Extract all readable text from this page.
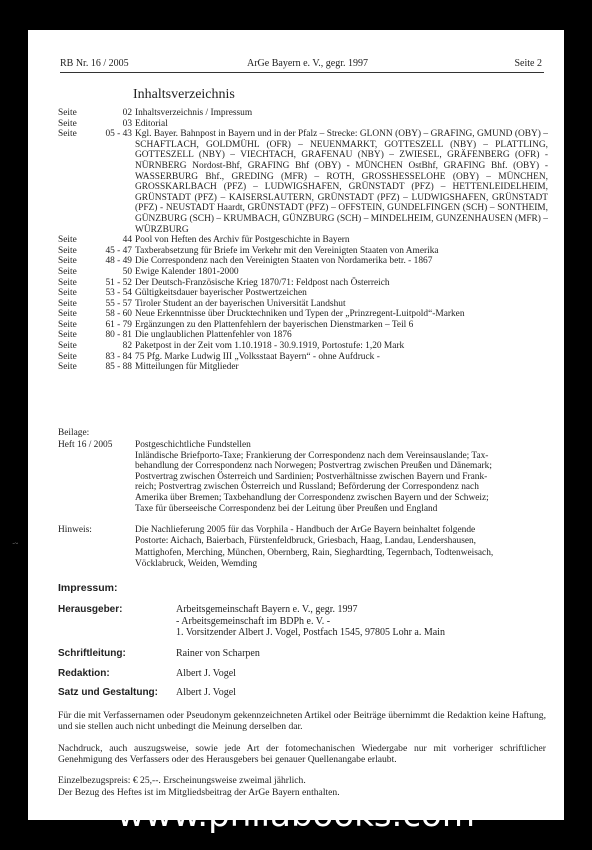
RB Nr. 16 / 2005	ArGe Bayern e. V., gegr. 1997	Seite 2
Inhaltsverzeichnis
Seite	02 Inhaltsverzeichnis / Impressum
Seite	03 Editorial
Seite	05 - 43 Kgl. Bayer. Bahnpost in Bayern und in der Pfalz – Strecke: GLONN (OBY) – GRAFING, GMUND (OBY) – SCHAFTLACH, GOLDMÜHL (OFR) – NEUENMARKT, GOTTESZELL (NBY) – PLATTLING, GOTTESZELL (NBY) – VIECHTACH, GRAFENAU (NBY) – ZWIESEL, GRÄFENBERG (OFR) - NÜRNBERG Nordost-Bhf, GRAFING Bhf (OBY) - MÜNCHEN OstBhf, GRAFING Bhf. (OBY) - WASSERBURG Bhf., GREDING (MFR) – ROTH, GROSSHESSELOHE (OBY) – MÜNCHEN, GROSSKARLBACH (PFZ) – LUDWIGSHAFEN, GRÜNSTADT (PFZ) – HETTENLEIDELHEIM, GRÜNSTADT (PFZ) – KAISERSLAUTERN, GRÜNSTADT (PFZ) – LUDWIGSHAFEN, GRÜNSTADT (PFZ) - NEUSTADT Haardt, GRÜNSTADT (PFZ) – OFFSTEIN, GUNDELFINGEN (SCH) – SONTHEIM, GÜNZBURG (SCH) – KRUMBACH, GÜNZBURG (SCH) – MINDELHEIM, GUNZENHAUSEN (MFR) – WÜRZBURG
Seite	44 Pool von Heften des Archiv für Postgeschichte in Bayern
Seite	45 - 47 Taxberabsetzung für Briefe im Verkehr mit den Vereinigten Staaten von Amerika
Seite	48 - 49 Die Correspondenz nach den Vereinigten Staaten von Nordamerika betr. - 1867
Seite	50 Ewige Kalender 1801-2000
Seite	51 - 52 Der Deutsch-Französische Krieg 1870/71: Feldpost nach Österreich
Seite	53 - 54 Gültigkeitsdauer bayerischer Postwertzeichen
Seite	55 - 57 Tiroler Student an der bayerischen Universität Landshut
Seite	58 - 60 Neue Erkenntnisse über Drucktechniken und Typen der „Prinzregent-Luitpold“-Marken
Seite	61 - 79 Ergänzungen zu den Plattenfehlern der bayerischen Dienstmarken – Teil 6
Seite	80 - 81 Die unglaublichen Plattenfehler von 1876
Seite	82 Paketpost in der Zeit vom 1.10.1918 - 30.9.1919, Portostufe: 1,20 Mark
Seite	83 - 84 75 Pfg. Marke Ludwig III „Volksstaat Bayern“ - ohne Aufdruck -
Seite	85 - 88 Mitteilungen für Mitglieder
Beilage:
Heft 16 / 2005 Postgeschichtliche Fundstellen
Inländische Briefporto-Taxe; Frankierung der Correspondenz nach dem Vereinsauslande; Tax-
behandlung der Correspondenz nach Norwegen; Postvertrag zwischen Preußen und Dänemark;
Postvertrag zwischen Österreich und Sardinien; Postverhältnisse zwischen Bayern und Frank-
reich; Postvertrag zwischen Österreich und Russland; Beförderung der Correspondenz nach
Amerika über Bremen; Taxbehandlung der Correspondenz zwischen Bayern und der Schweiz;
Taxe für überseeische Correspondenz bei der Leitung über Preußen und England
Hinweis:	Die Nachlieferung 2005 für das Vorphila - Handbuch der ArGe Bayern beinhaltet folgende
Postorte: Aichach, Baierbach, Fürstenfeldbruck, Griesbach, Haag, Landau, Lendershausen,
Mattighofen, Merching, München, Obernberg, Rain, Sieghardting, Tegernbach, Todtenweisach,
Vöcklabruck, Weiden, Wemding
Impressum:
Herausgeber:	Arbeitsgemeinschaft Bayern e. V., gegr. 1997
- Arbeitsgemeinschaft im BDPh e. V. -
1. Vorsitzender Albert J. Vogel, Postfach 1545, 97805 Lohr a. Main
Schriftleitung:	Rainer von Scharpen
Redaktion:	Albert J. Vogel
Satz und Gestaltung: Albert J. Vogel
Für die mit Verfassernamen oder Pseudonym gekennzeichneten Artikel oder Beiträge übernimmt die Redaktion keine Haftung, und sie stellen auch nicht unbedingt die Meinung derselben dar.
Nachdruck, auch auszugsweise, sowie jede Art der fotomechanischen Wiedergabe nur mit vorheriger schriftlicher Genehmigung des Verfassers oder des Herausgebers bei genauer Quellenangabe erlaubt.
Einzelbezugspreis: € 25,--. Erscheinungsweise zweimal jährlich.
Der Bezug des Heftes ist im Mitgliedsbeitrag der ArGe Bayern enthalten.
·~
www.philabooks.com
